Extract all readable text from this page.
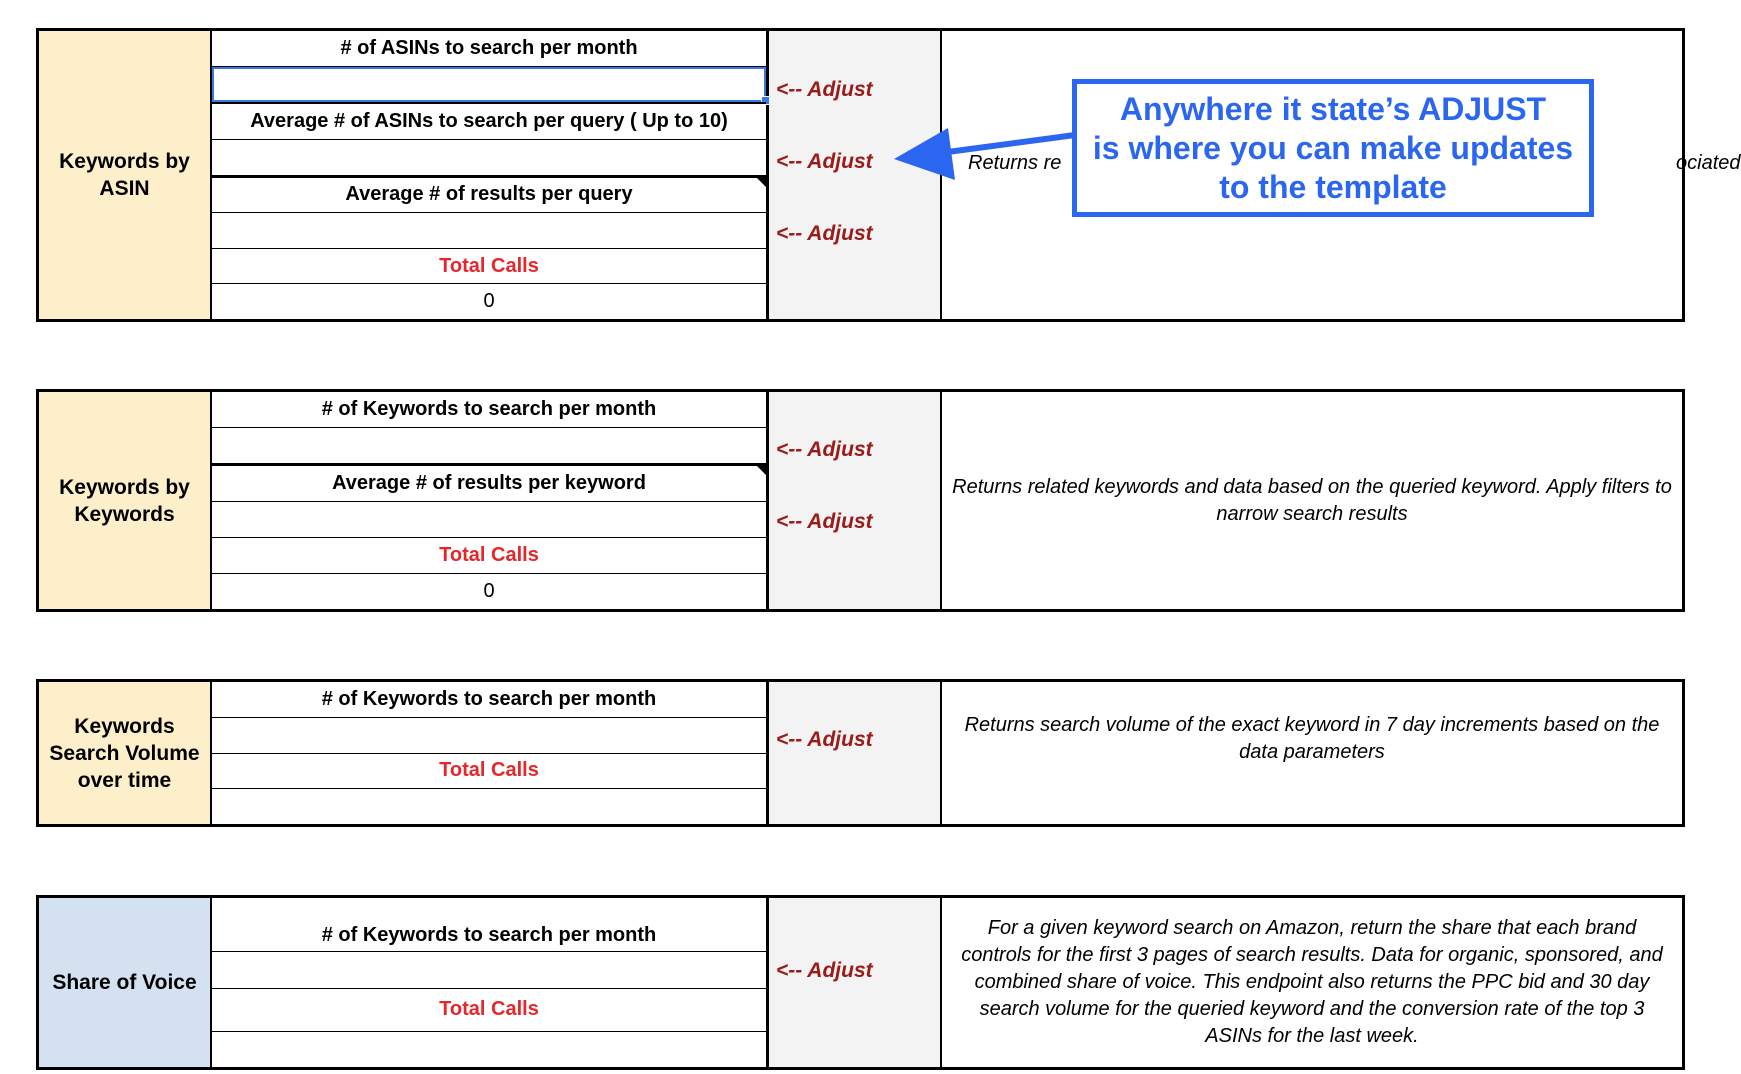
Keywords by
ASIN
# of ASINs to search per month
Average # of ASINs to search per query ( Up to 10)
Average # of results per query
Total Calls
0
<-- Adjust
<-- Adjust
<-- Adjust
Returns re	ociated
Keywords by
Keywords
# of Keywords to search per month
Average # of results per keyword
Total Calls
0
<-- Adjust
<-- Adjust
Returns related keywords and data based on the queried keyword. Apply filters to narrow search results
Keywords
Search Volume
over time
# of Keywords to search per month
Total Calls
<-- Adjust
Returns search volume of the exact keyword in 7 day increments based on the data parameters
Share of Voice
# of Keywords to search per month
Total Calls
<-- Adjust
For a given keyword search on Amazon, return the share that each brand controls for the first 3 pages of search results. Data for organic, sponsored, and combined share of voice. This endpoint also returns the PPC bid and 30 day search volume for the queried keyword and the conversion rate of the top 3 ASINs for the last week.
Anywhere it state’s ADJUST
is where you can make updates
to the template
